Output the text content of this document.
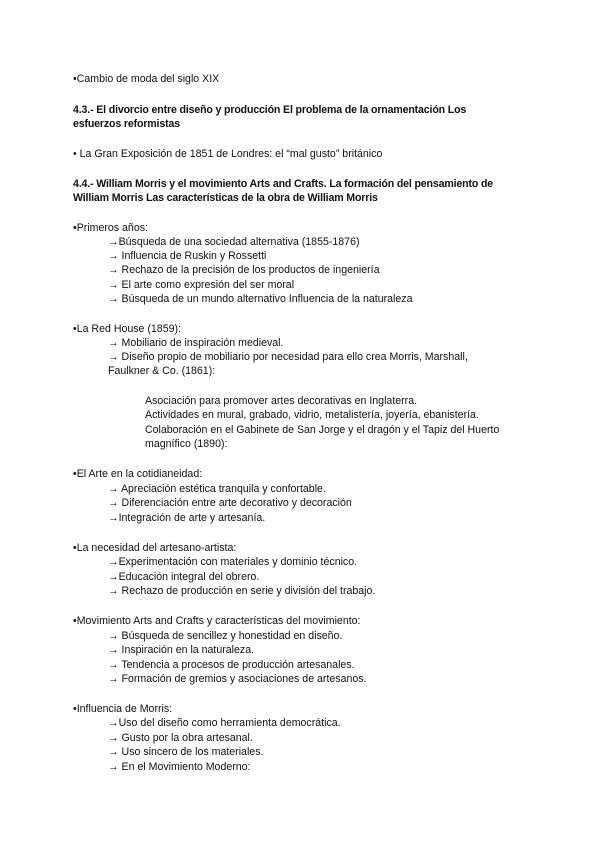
•Cambio de moda del siglo XIX
4.3.- El divorcio entre diseño y producción El problema de la ornamentación Los
esfuerzos reformistas
• La Gran Exposición de 1851 de Londres: el “mal gusto” británico
4.4.- William Morris y el movimiento Arts and Crafts. La formación del pensamiento de
William Morris Las características de la obra de William Morris
•Primeros años:
→Búsqueda de una sociedad alternativa (1855-1876)
→ Influencia de Ruskin y Rossetti
→ Rechazo de la precisión de los productos de ingeniería
→ El arte como expresión del ser moral
→ Búsqueda de un mundo alternativo Influencia de la naturaleza
•La Red House (1859):
→ Mobiliario de inspiración medieval.
→ Diseño propio de mobiliario por necesidad para ello crea Morris, Marshall,
Faulkner & Co. (1861):
Asociación para promover artes decorativas en Inglaterra.
Actividades en mural, grabado, vidrio, metalistería, joyería, ebanistería.
Colaboración en el Gabinete de San Jorge y el dragón y el Tapiz del Huerto
magnífico (1890):
•El Arte en la cotidianeidad:
→ Apreciación estética tranquila y confortable.
→ Diferenciación entre arte decorativo y decoración
→Integración de arte y artesanía.
•La necesidad del artesano-artista:
→Experimentación con materiales y dominio técnico.
→Educación integral del obrero.
→ Rechazo de producción en serie y división del trabajo.
•Movimiento Arts and Crafts y características del movimiento:
→ Búsqueda de sencillez y honestidad en diseño.
→ Inspiración en la naturaleza.
→ Tendencia a procesos de producción artesanales.
→ Formación de gremios y asociaciones de artesanos.
•Influencia de Morris:
→Uso del diseño como herramienta democrática.
→ Gusto por la obra artesanal.
→ Uso sincero de los materiales.
→ En el Movimiento Moderno:
